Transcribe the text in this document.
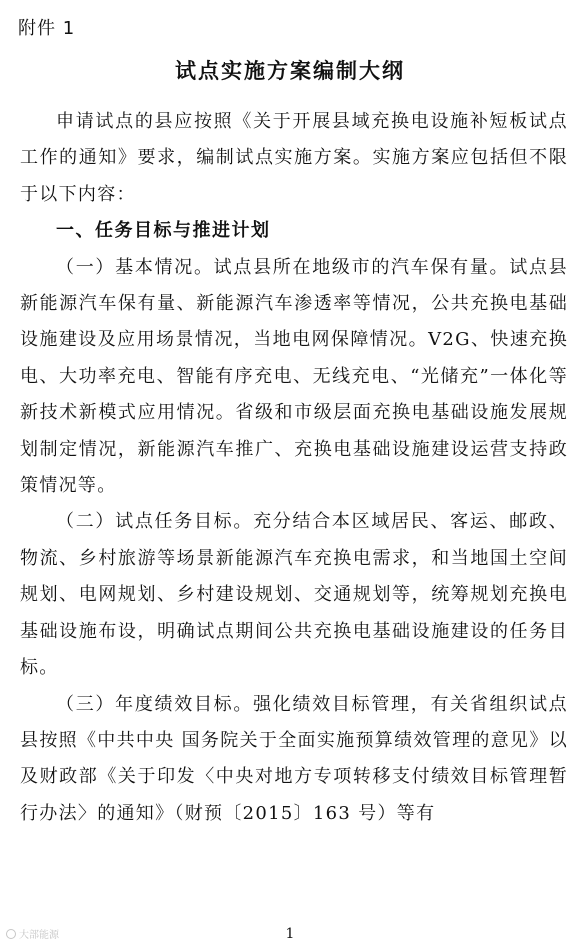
附件 1
试点实施方案编制大纲

申请试点的县应按照《关于开展县域充换电设施补短板试点工作的通知》要求，编制试点实施方案。实施方案应包括但不限于以下内容：

一、任务目标与推进计划

（一）基本情况。试点县所在地级市的汽车保有量。试点县新能源汽车保有量、新能源汽车渗透率等情况，公共充换电基础设施建设及应用场景情况，当地电网保障情况。V2G、快速充换电、大功率充电、智能有序充电、无线充电、“光储充”一体化等新技术新模式应用情况。省级和市级层面充换电基础设施发展规划制定情况，新能源汽车推广、充换电基础设施建设运营支持政策情况等。

（二）试点任务目标。充分结合本区域居民、客运、邮政、物流、乡村旅游等场景新能源汽车充换电需求，和当地国土空间规划、电网规划、乡村建设规划、交通规划等，统筹规划充换电基础设施布设，明确试点期间公共充换电基础设施建设的任务目标。

（三）年度绩效目标。强化绩效目标管理，有关省组织试点县按照《中共中央 国务院关于全面实施预算绩效管理的意见》以及财政部《关于印发〈中央对地方专项转移支付绩效目标管理暂行办法〉的通知》（财预〔2015〕163 号）等有

大部能源	1
